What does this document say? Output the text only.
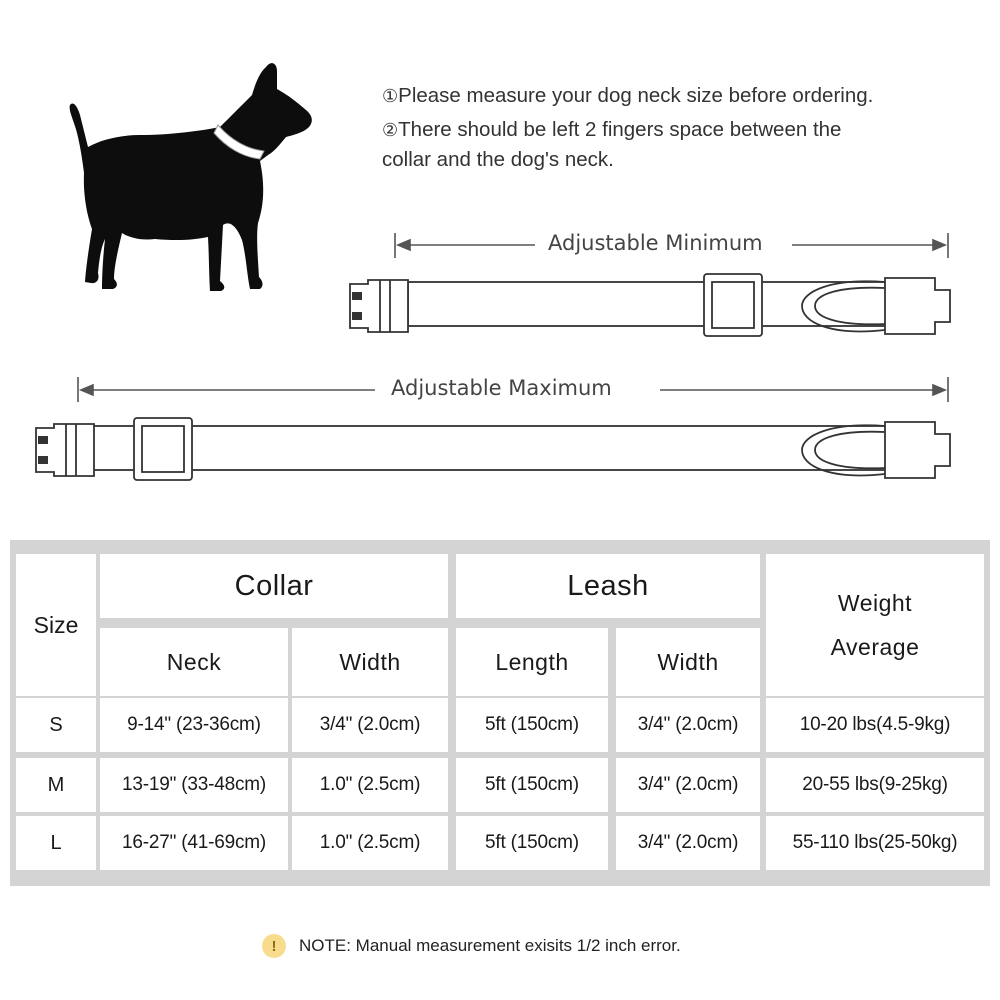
①Please measure your dog neck size before ordering.
②There should be left 2 fingers space between the
collar and the dog's neck.
Adjustable Minimum
Adjustable Maximum
Size
Collar	Leash
Weight
Average
Neck	Width	Length	Width
S	9-14" (23-36cm)	3/4" (2.0cm)	5ft (150cm)	3/4" (2.0cm)	10-20 lbs(4.5-9kg)
M	13-19" (33-48cm)	1.0" (2.5cm)	5ft (150cm)	3/4" (2.0cm)	20-55 lbs(9-25kg)
L	16-27" (41-69cm)	1.0" (2.5cm)	5ft (150cm)	3/4" (2.0cm)	55-110 lbs(25-50kg)
!	NOTE: Manual measurement exisits 1/2 inch error.
